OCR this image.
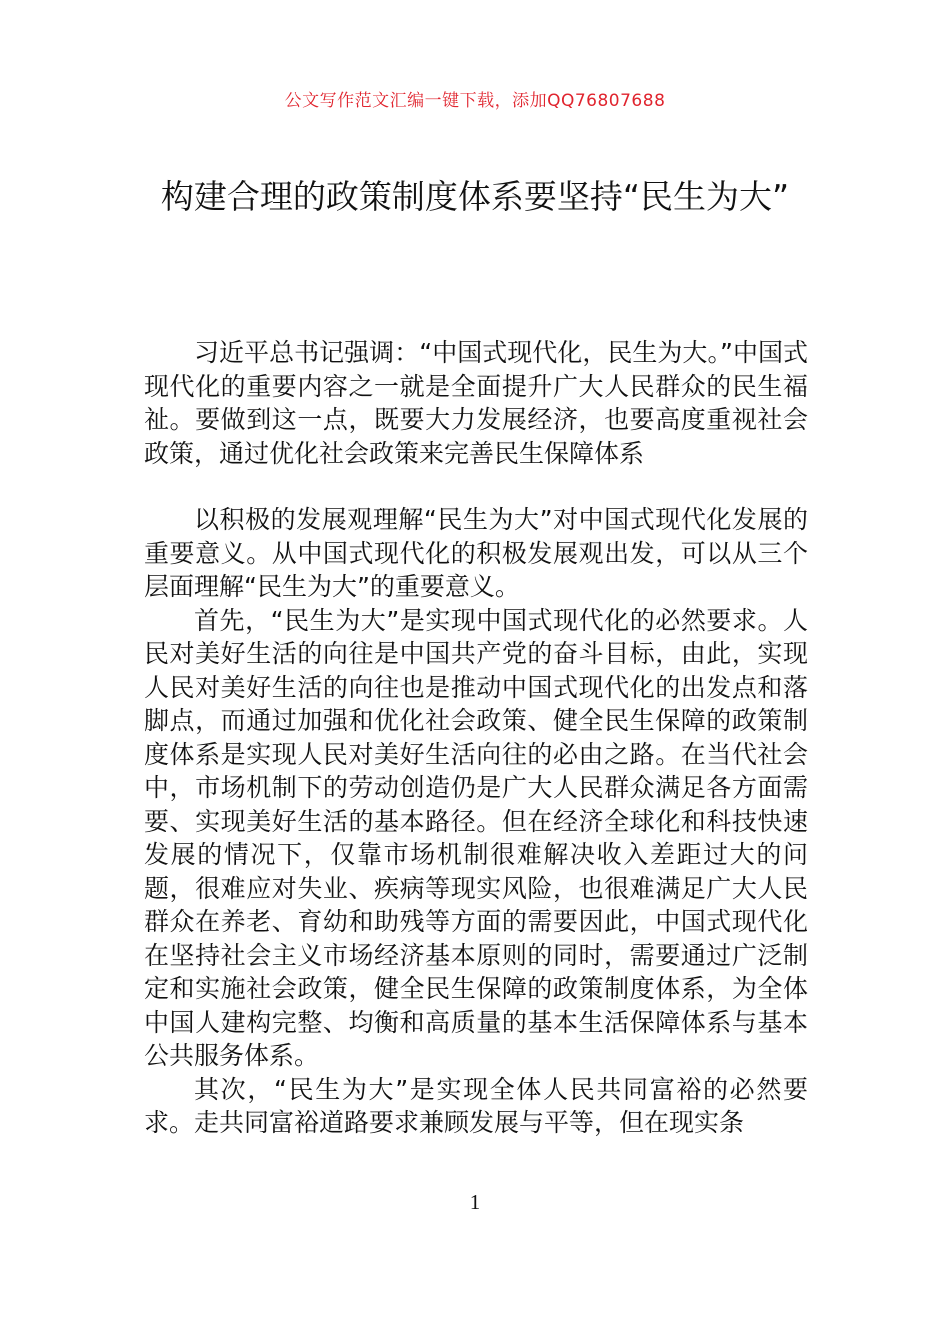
公文写作范文汇编一键下载，添加QQ76807688
构建合理的政策制度体系要坚持“民生为大”

习近平总书记强调：“中国式现代化，民生为大。”中国式现代化的重要内容之一就是全面提升广大人民群众的民生福祉。要做到这一点，既要大力发展经济，也要高度重视社会政策，通过优化社会政策来完善民生保障体系

以积极的发展观理解“民生为大”对中国式现代化发展的重要意义。从中国式现代化的积极发展观出发，可以从三个层面理解“民生为大”的重要意义。

首先，“民生为大”是实现中国式现代化的必然要求。人民对美好生活的向往是中国共产党的奋斗目标，由此，实现人民对美好生活的向往也是推动中国式现代化的出发点和落脚点，而通过加强和优化社会政策、健全民生保障的政策制度体系是实现人民对美好生活向往的必由之路。在当代社会中，市场机制下的劳动创造仍是广大人民群众满足各方面需要、实现美好生活的基本路径。但在经济全球化和科技快速发展的情况下，仅靠市场机制很难解决收入差距过大的问题，很难应对失业、疾病等现实风险，也很难满足广大人民群众在养老、育幼和助残等方面的需要因此，中国式现代化在坚持社会主义市场经济基本原则的同时，需要通过广泛制定和实施社会政策，健全民生保障的政策制度体系，为全体中国人建构完整、均衡和高质量的基本生活保障体系与基本公共服务体系。

其次，“民生为大”是实现全体人民共同富裕的必然要求。走共同富裕道路要求兼顾发展与平等，但在现实条

1
